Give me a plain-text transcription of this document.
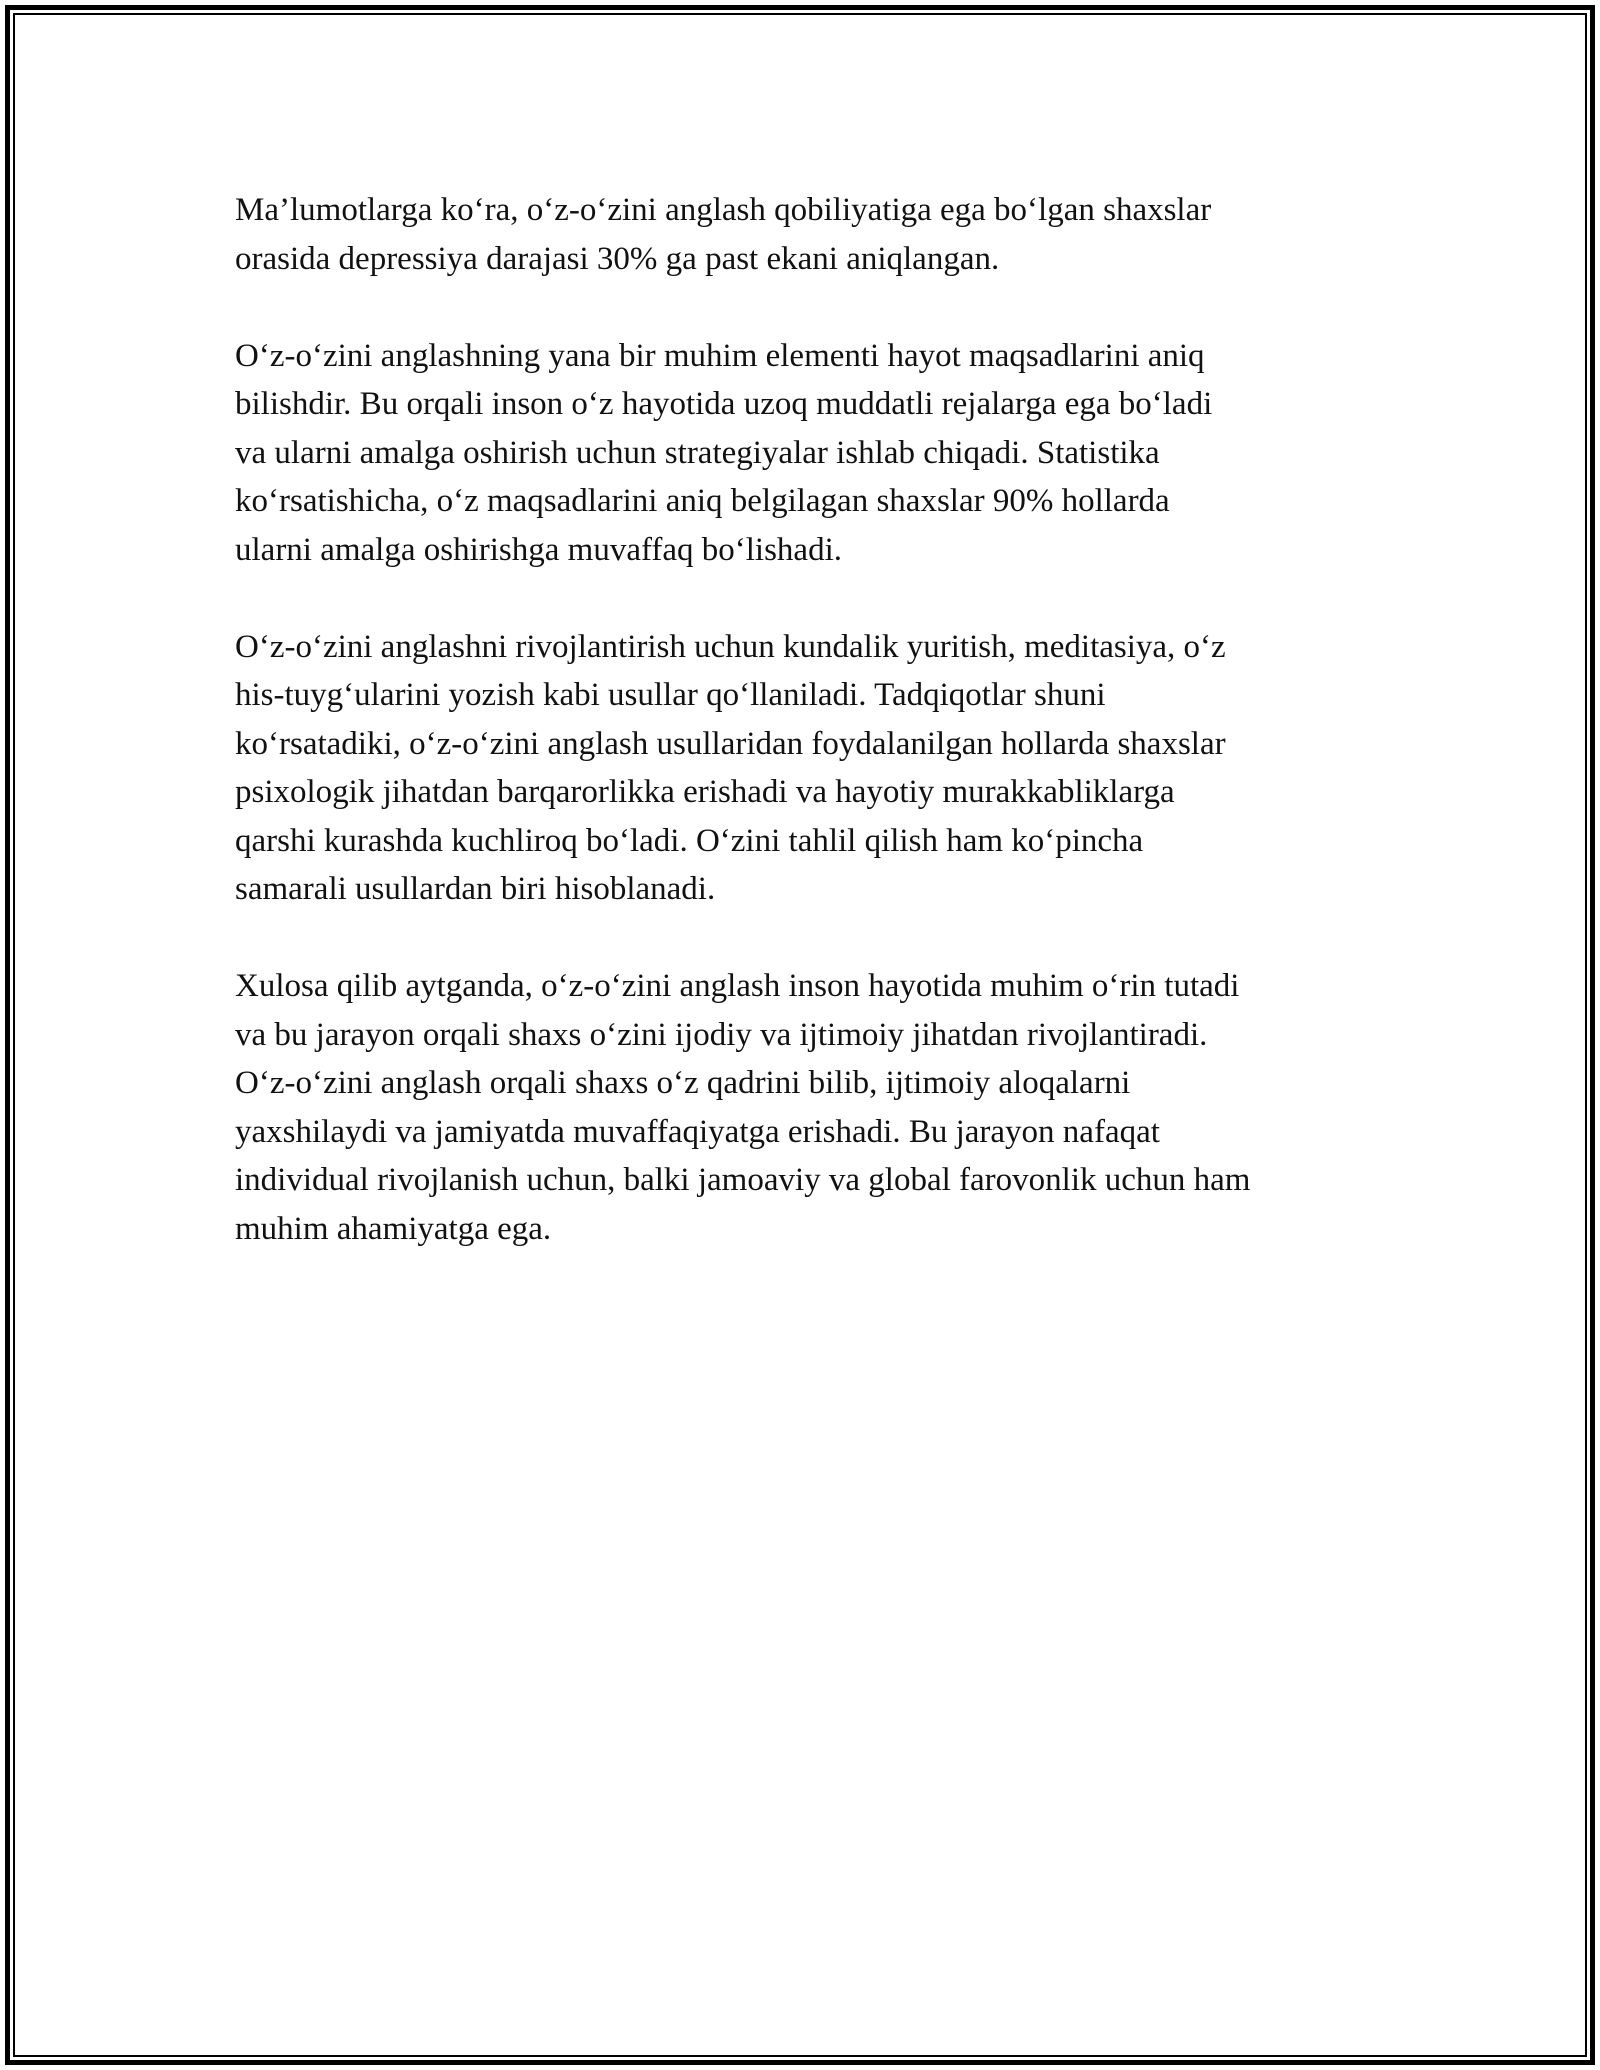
Ma’lumotlarga ko‘ra, o‘z-o‘zini anglash qobiliyatiga ega bo‘lgan shaxslar
orasida depressiya darajasi 30% ga past ekani aniqlangan.

O‘z-o‘zini anglashning yana bir muhim elementi hayot maqsadlarini aniq
bilishdir. Bu orqali inson o‘z hayotida uzoq muddatli rejalarga ega bo‘ladi
va ularni amalga oshirish uchun strategiyalar ishlab chiqadi. Statistika
ko‘rsatishicha, o‘z maqsadlarini aniq belgilagan shaxslar 90% hollarda
ularni amalga oshirishga muvaffaq bo‘lishadi.

O‘z-o‘zini anglashni rivojlantirish uchun kundalik yuritish, meditasiya, o‘z
his-tuyg‘ularini yozish kabi usullar qo‘llaniladi. Tadqiqotlar shuni
ko‘rsatadiki, o‘z-o‘zini anglash usullaridan foydalanilgan hollarda shaxslar
psixologik jihatdan barqarorlikka erishadi va hayotiy murakkabliklarga
qarshi kurashda kuchliroq bo‘ladi. O‘zini tahlil qilish ham ko‘pincha
samarali usullardan biri hisoblanadi.

Xulosa qilib aytganda, o‘z-o‘zini anglash inson hayotida muhim o‘rin tutadi
va bu jarayon orqali shaxs o‘zini ijodiy va ijtimoiy jihatdan rivojlantiradi.
O‘z-o‘zini anglash orqali shaxs o‘z qadrini bilib, ijtimoiy aloqalarni
yaxshilaydi va jamiyatda muvaffaqiyatga erishadi. Bu jarayon nafaqat
individual rivojlanish uchun, balki jamoaviy va global farovonlik uchun ham
muhim ahamiyatga ega.
